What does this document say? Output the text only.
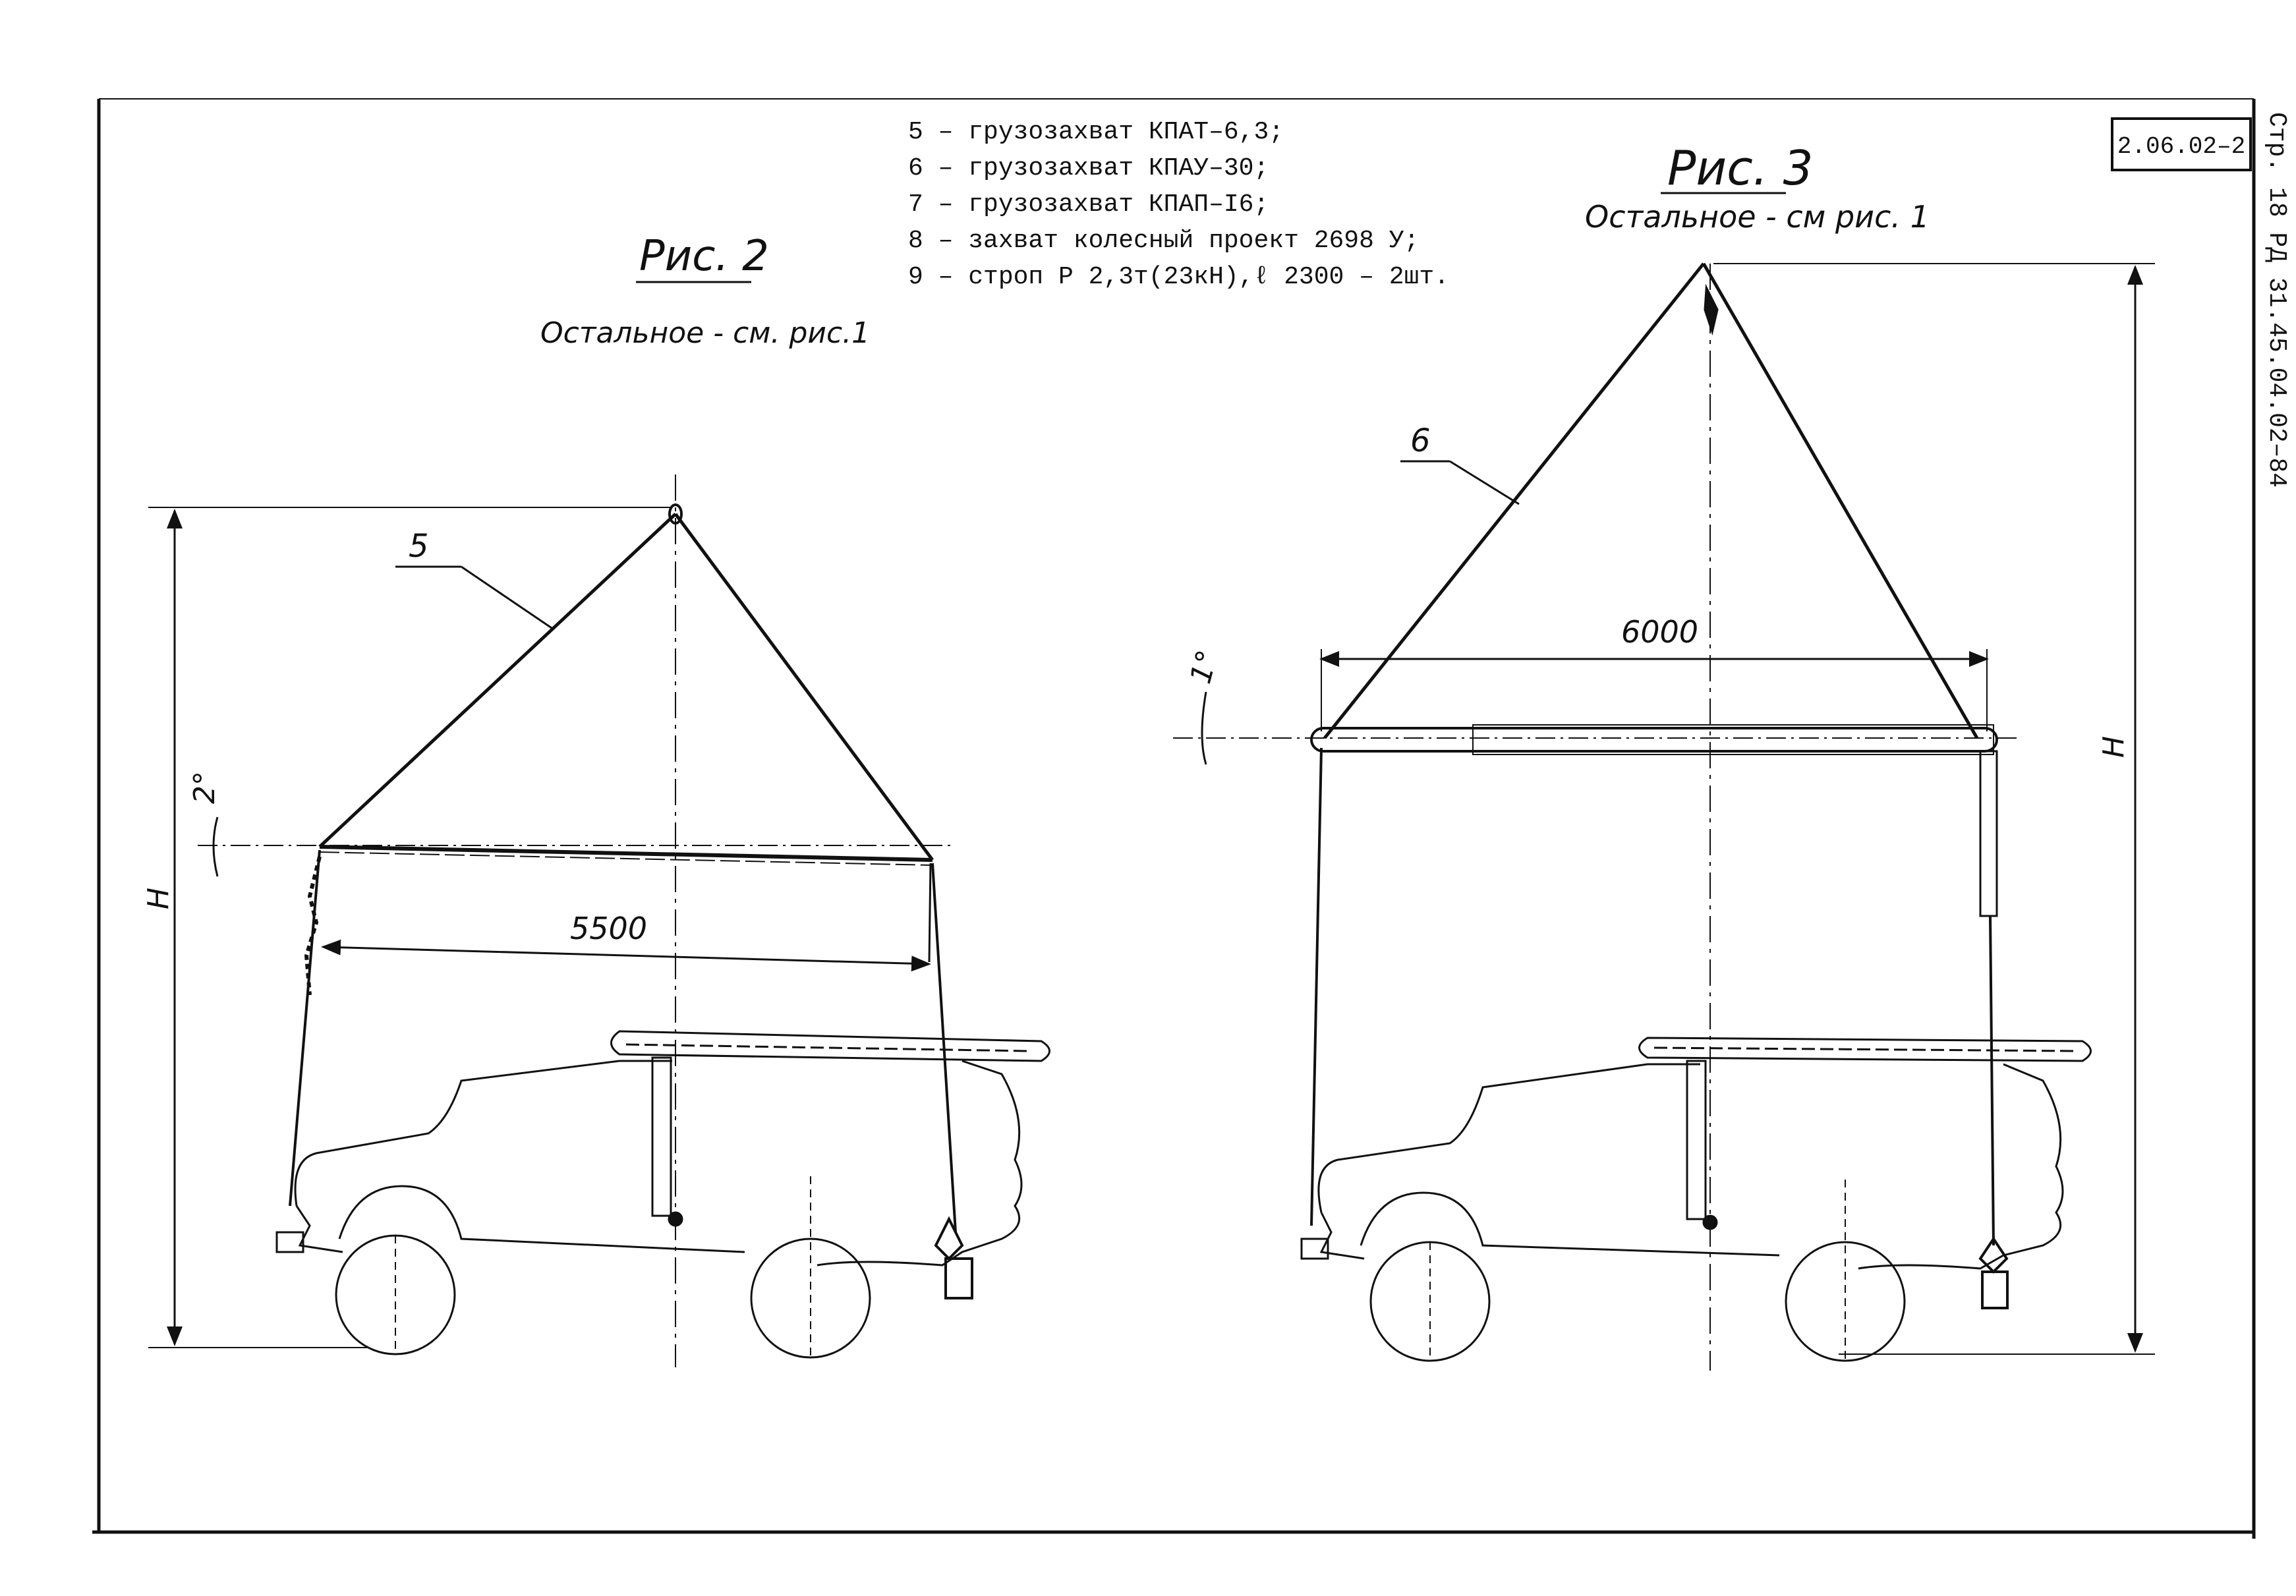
2.06.02–2 Стр. 18 РД 31.45.04.02–84
5 – грузозахват КПАТ–6,3;
6 – грузозахват КПАУ–30;
7 – грузозахват КПАП–I6;
8 – захват колесный проект 2698 У;
9 – строп Р 2,3т(23кН),ℓ 2300 – 2шт.
Рис. 2
Остальное - см. рис.1
5
2°
5500
H
Рис. 3
Остальное - см рис. 1
6
1°
6000
H
